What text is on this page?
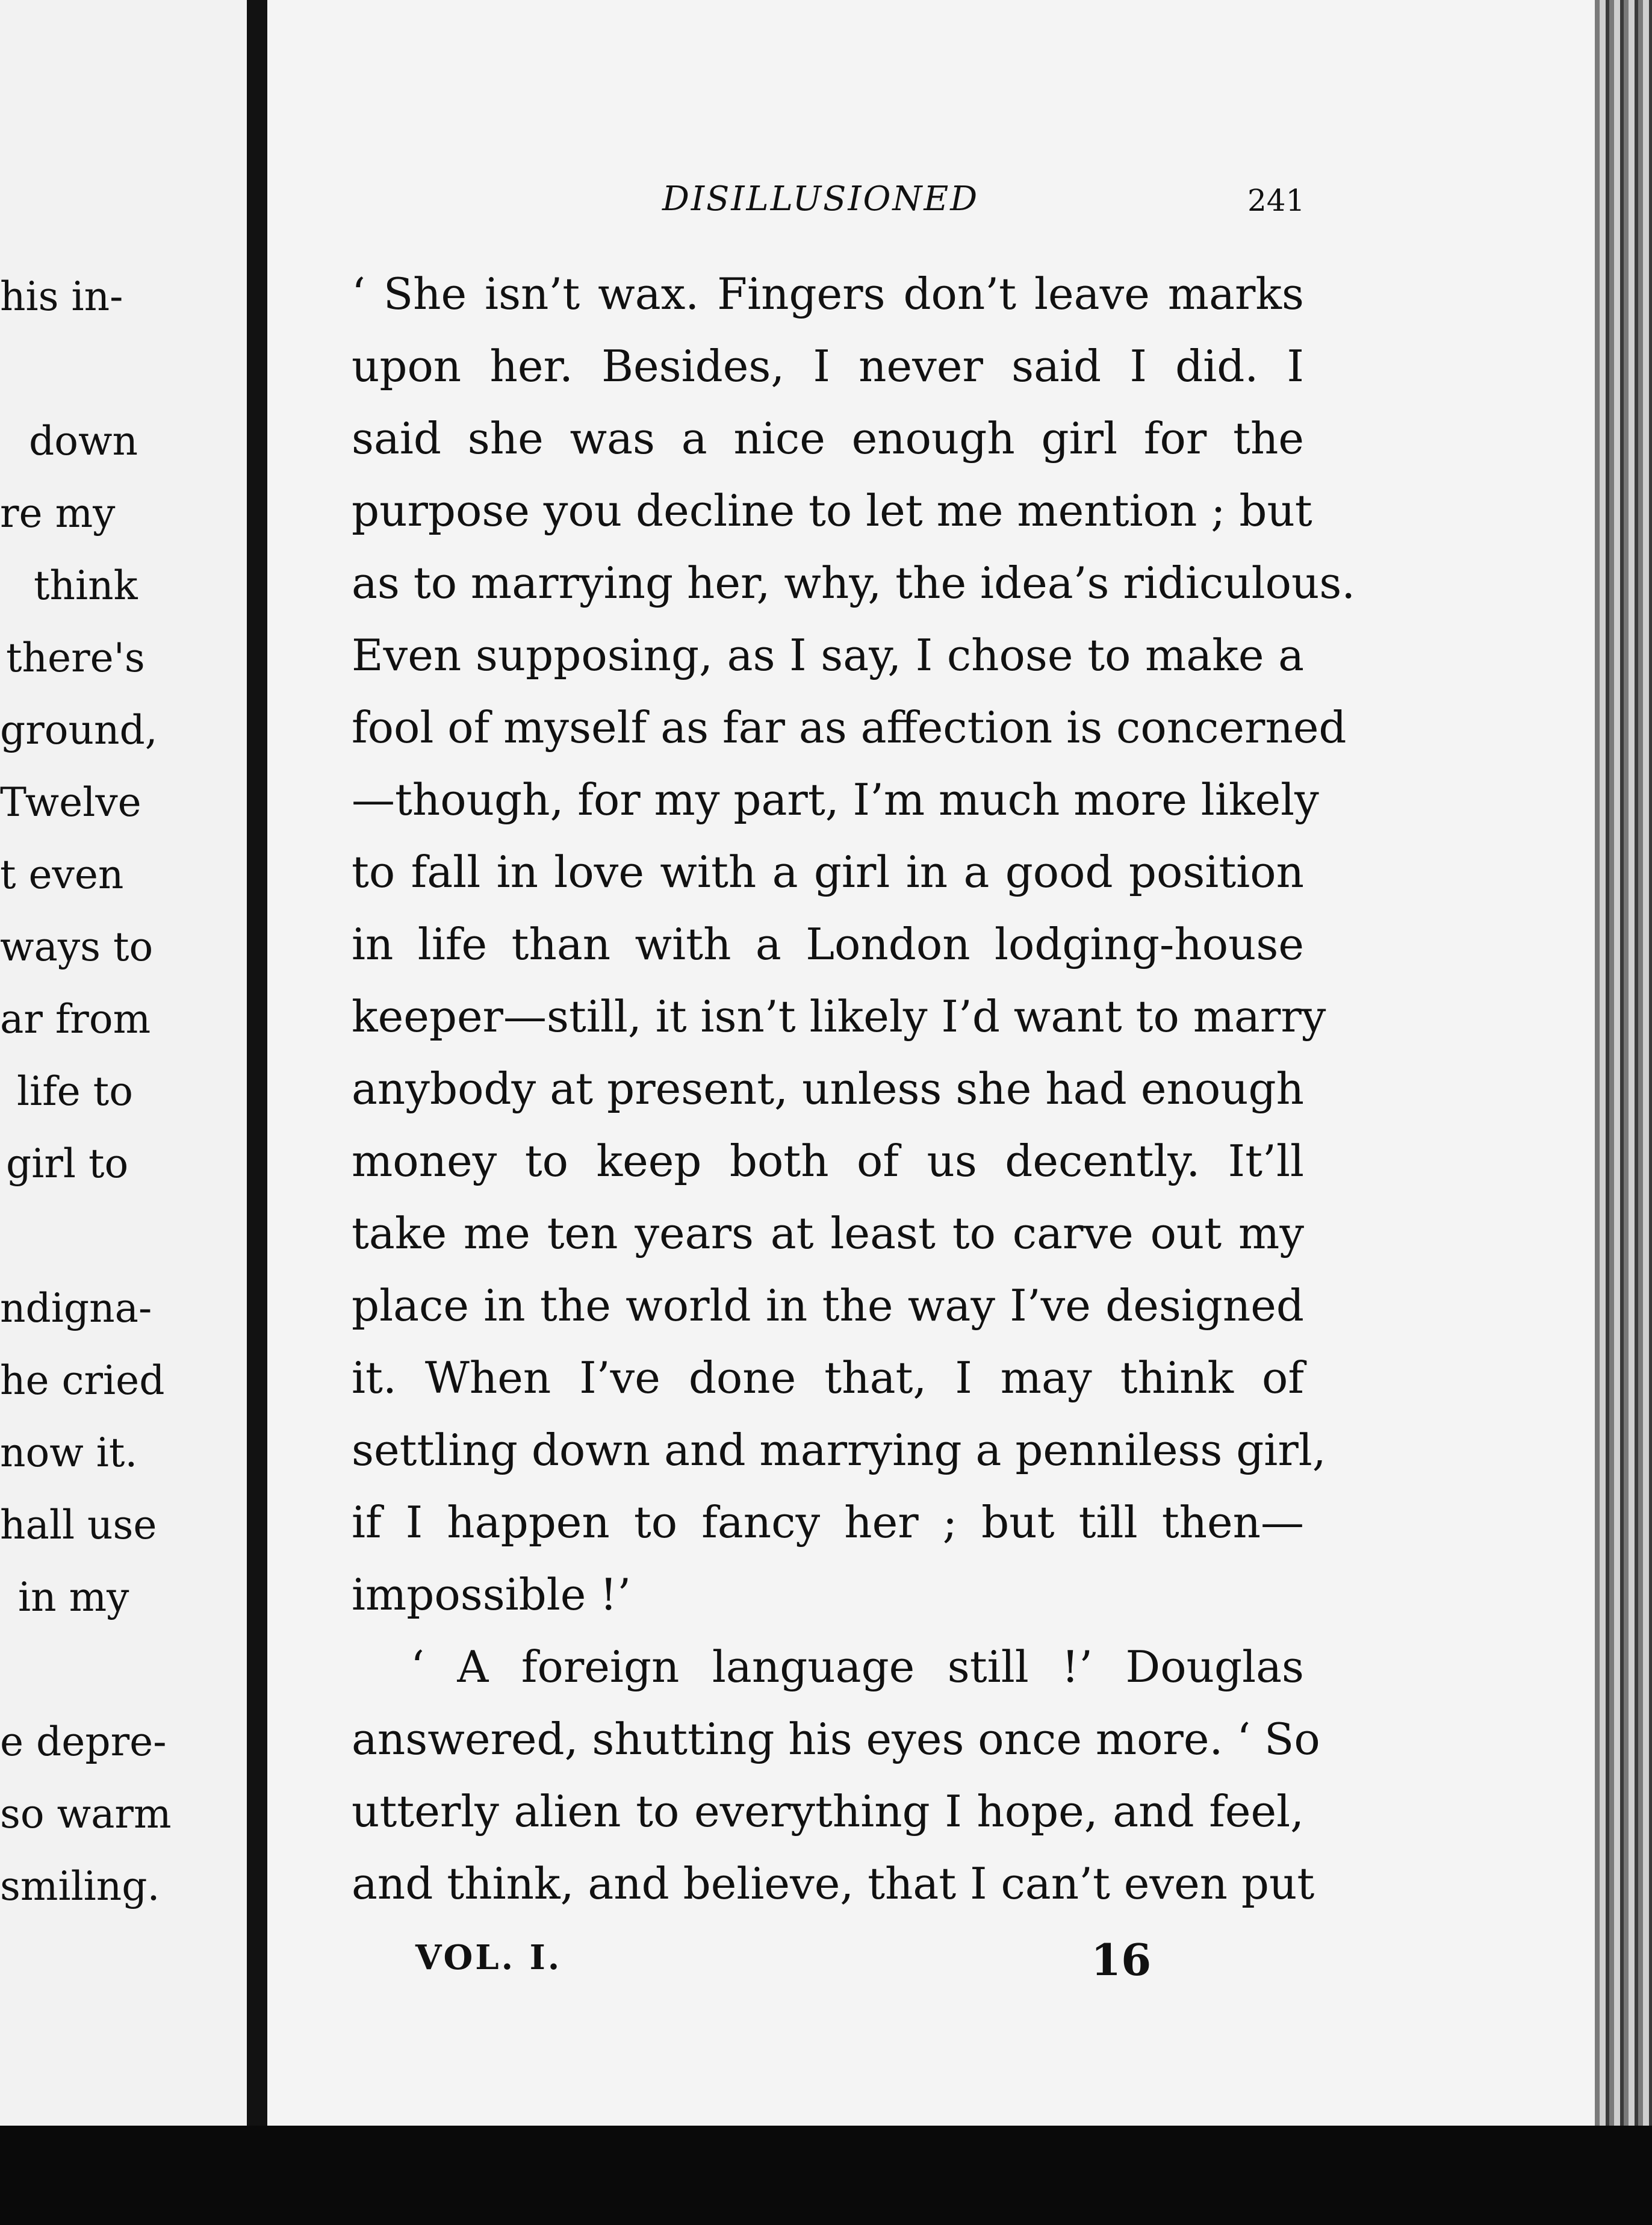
his in-
down
re my
think
there's
ground,
Twelve
t even
ways to
ar from
life to
girl to
ndigna-
he cried
now it.
hall use
in my
e depre-
so warm
smiling.
DISILLUSIONED	241
‘ She isn’t wax. Fingers don’t leave marks
upon her. Besides, I never said I did. I
said she was a nice enough girl for the
purpose you decline to let me mention ; but
as to marrying her, why, the idea’s ridiculous.
Even supposing, as I say, I chose to make a
fool of myself as far as affection is concerned
—though, for my part, I’m much more likely
to fall in love with a girl in a good position
in life than with a London lodging-house
keeper—still, it isn’t likely I’d want to marry
anybody at present, unless she had enough
money to keep both of us decently. It’ll
take me ten years at least to carve out my
place in the world in the way I’ve designed
it. When I’ve done that, I may think of
settling down and marrying a penniless girl,
if I happen to fancy her ; but till then—
impossible !’
‘ A foreign language still !’ Douglas
answered, shutting his eyes once more. ‘ So
utterly alien to everything I hope, and feel,
and think, and believe, that I can’t even put
VOL. I.	16
